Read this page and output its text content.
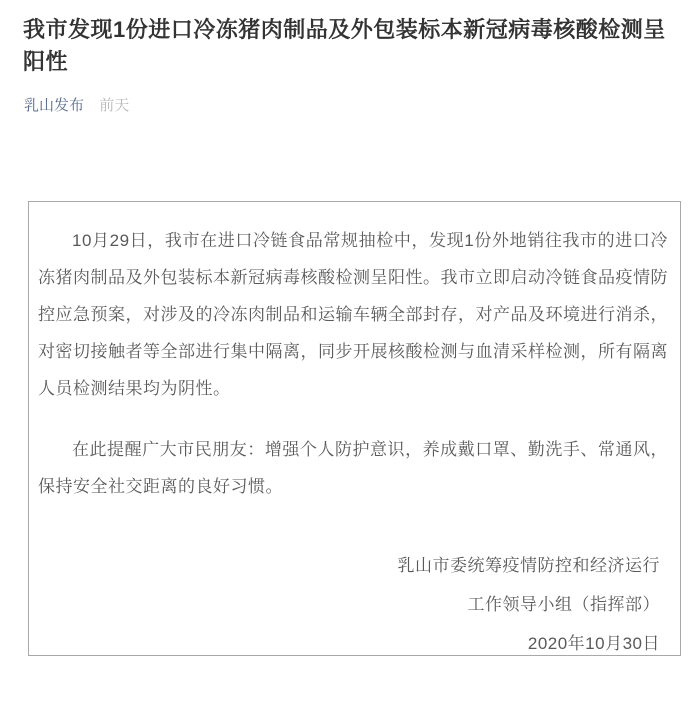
我市发现1份进口冷冻猪肉制品及外包装标本新冠病毒核酸检测呈阳性
乳山发布 前天

10月29日，我市在进口冷链食品常规抽检中，发现1份外地销往我市的进口冷冻猪肉制品及外包装标本新冠病毒核酸检测呈阳性。我市立即启动冷链食品疫情防控应急预案，对涉及的冷冻肉制品和运输车辆全部封存，对产品及环境进行消杀，对密切接触者等全部进行集中隔离，同步开展核酸检测与血清采样检测，所有隔离人员检测结果均为阴性。

在此提醒广大市民朋友：增强个人防护意识，养成戴口罩、勤洗手、常通风，保持安全社交距离的良好习惯。

乳山市委统筹疫情防控和经济运行
工作领导小组（指挥部）
2020年10月30日
